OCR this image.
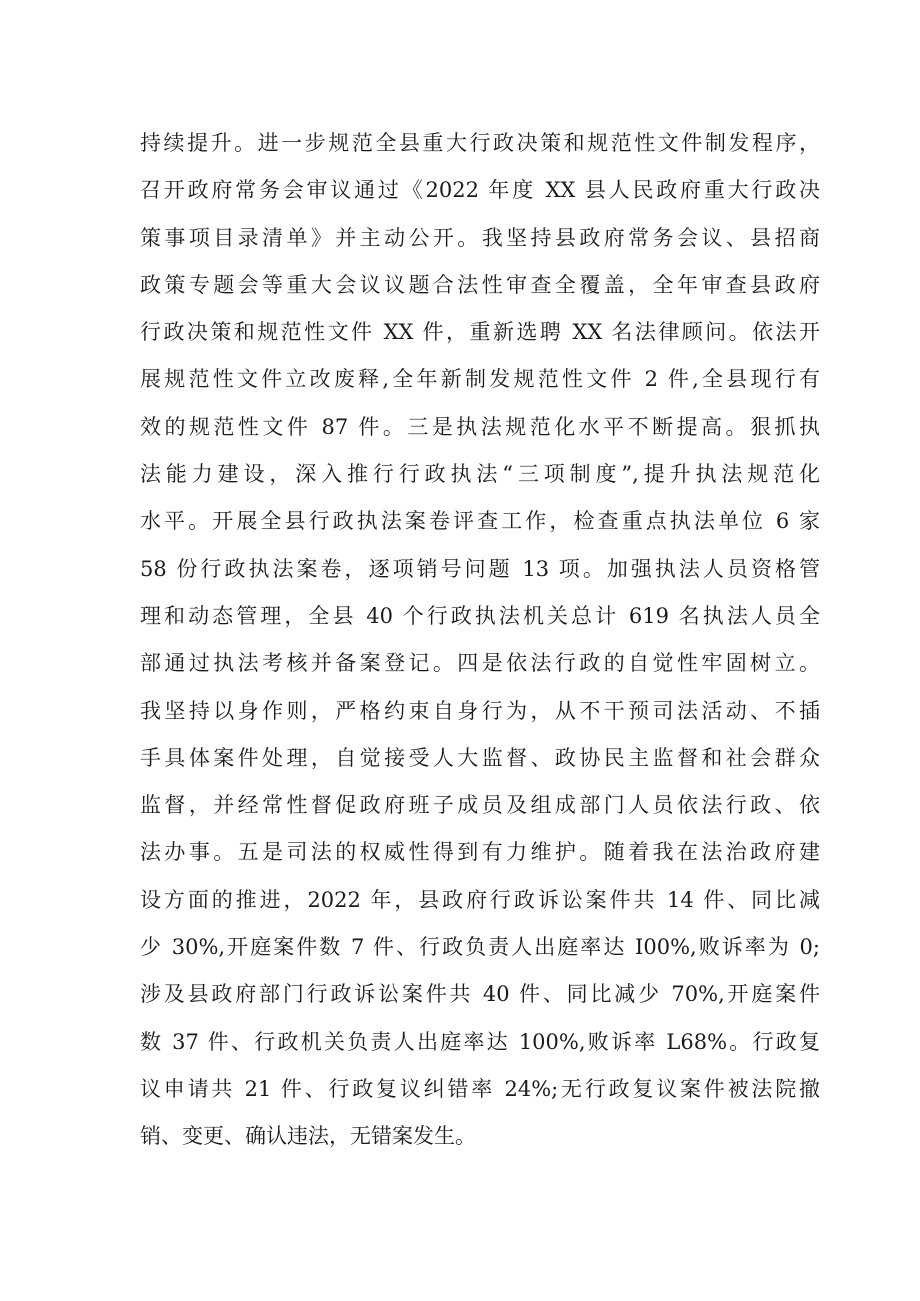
持续提升。进一步规范全县重大行政决策和规范性文件制发程序，
召开政府常务会审议通过《2022 年度 XX 县人民政府重大行政决
策事项目录清单》并主动公开。我坚持县政府常务会议、县招商
政策专题会等重大会议议题合法性审查全覆盖，全年审查县政府
行政决策和规范性文件 XX 件，重新选聘 XX 名法律顾问。依法开
展规范性文件立改废释,全年新制发规范性文件 2 件,全县现行有
效的规范性文件 87 件。三是执法规范化水平不断提高。狠抓执
法能力建设，深入推行行政执法“三项制度”,提升执法规范化
水平。开展全县行政执法案卷评查工作，检查重点执法单位 6 家
58 份行政执法案卷，逐项销号问题 13 项。加强执法人员资格管
理和动态管理，全县 40 个行政执法机关总计 619 名执法人员全
部通过执法考核并备案登记。四是依法行政的自觉性牢固树立。
我坚持以身作则，严格约束自身行为，从不干预司法活动、不插
手具体案件处理，自觉接受人大监督、政协民主监督和社会群众
监督，并经常性督促政府班子成员及组成部门人员依法行政、依
法办事。五是司法的权威性得到有力维护。随着我在法治政府建
设方面的推进，2022 年，县政府行政诉讼案件共 14 件、同比减
少 30%,开庭案件数 7 件、行政负责人出庭率达 I00%,败诉率为 0;
涉及县政府部门行政诉讼案件共 40 件、同比减少 70%,开庭案件
数 37 件、行政机关负责人出庭率达 100%,败诉率 L68%。行政复
议申请共 21 件、行政复议纠错率 24%;无行政复议案件被法院撤
销、变更、确认违法，无错案发生。
